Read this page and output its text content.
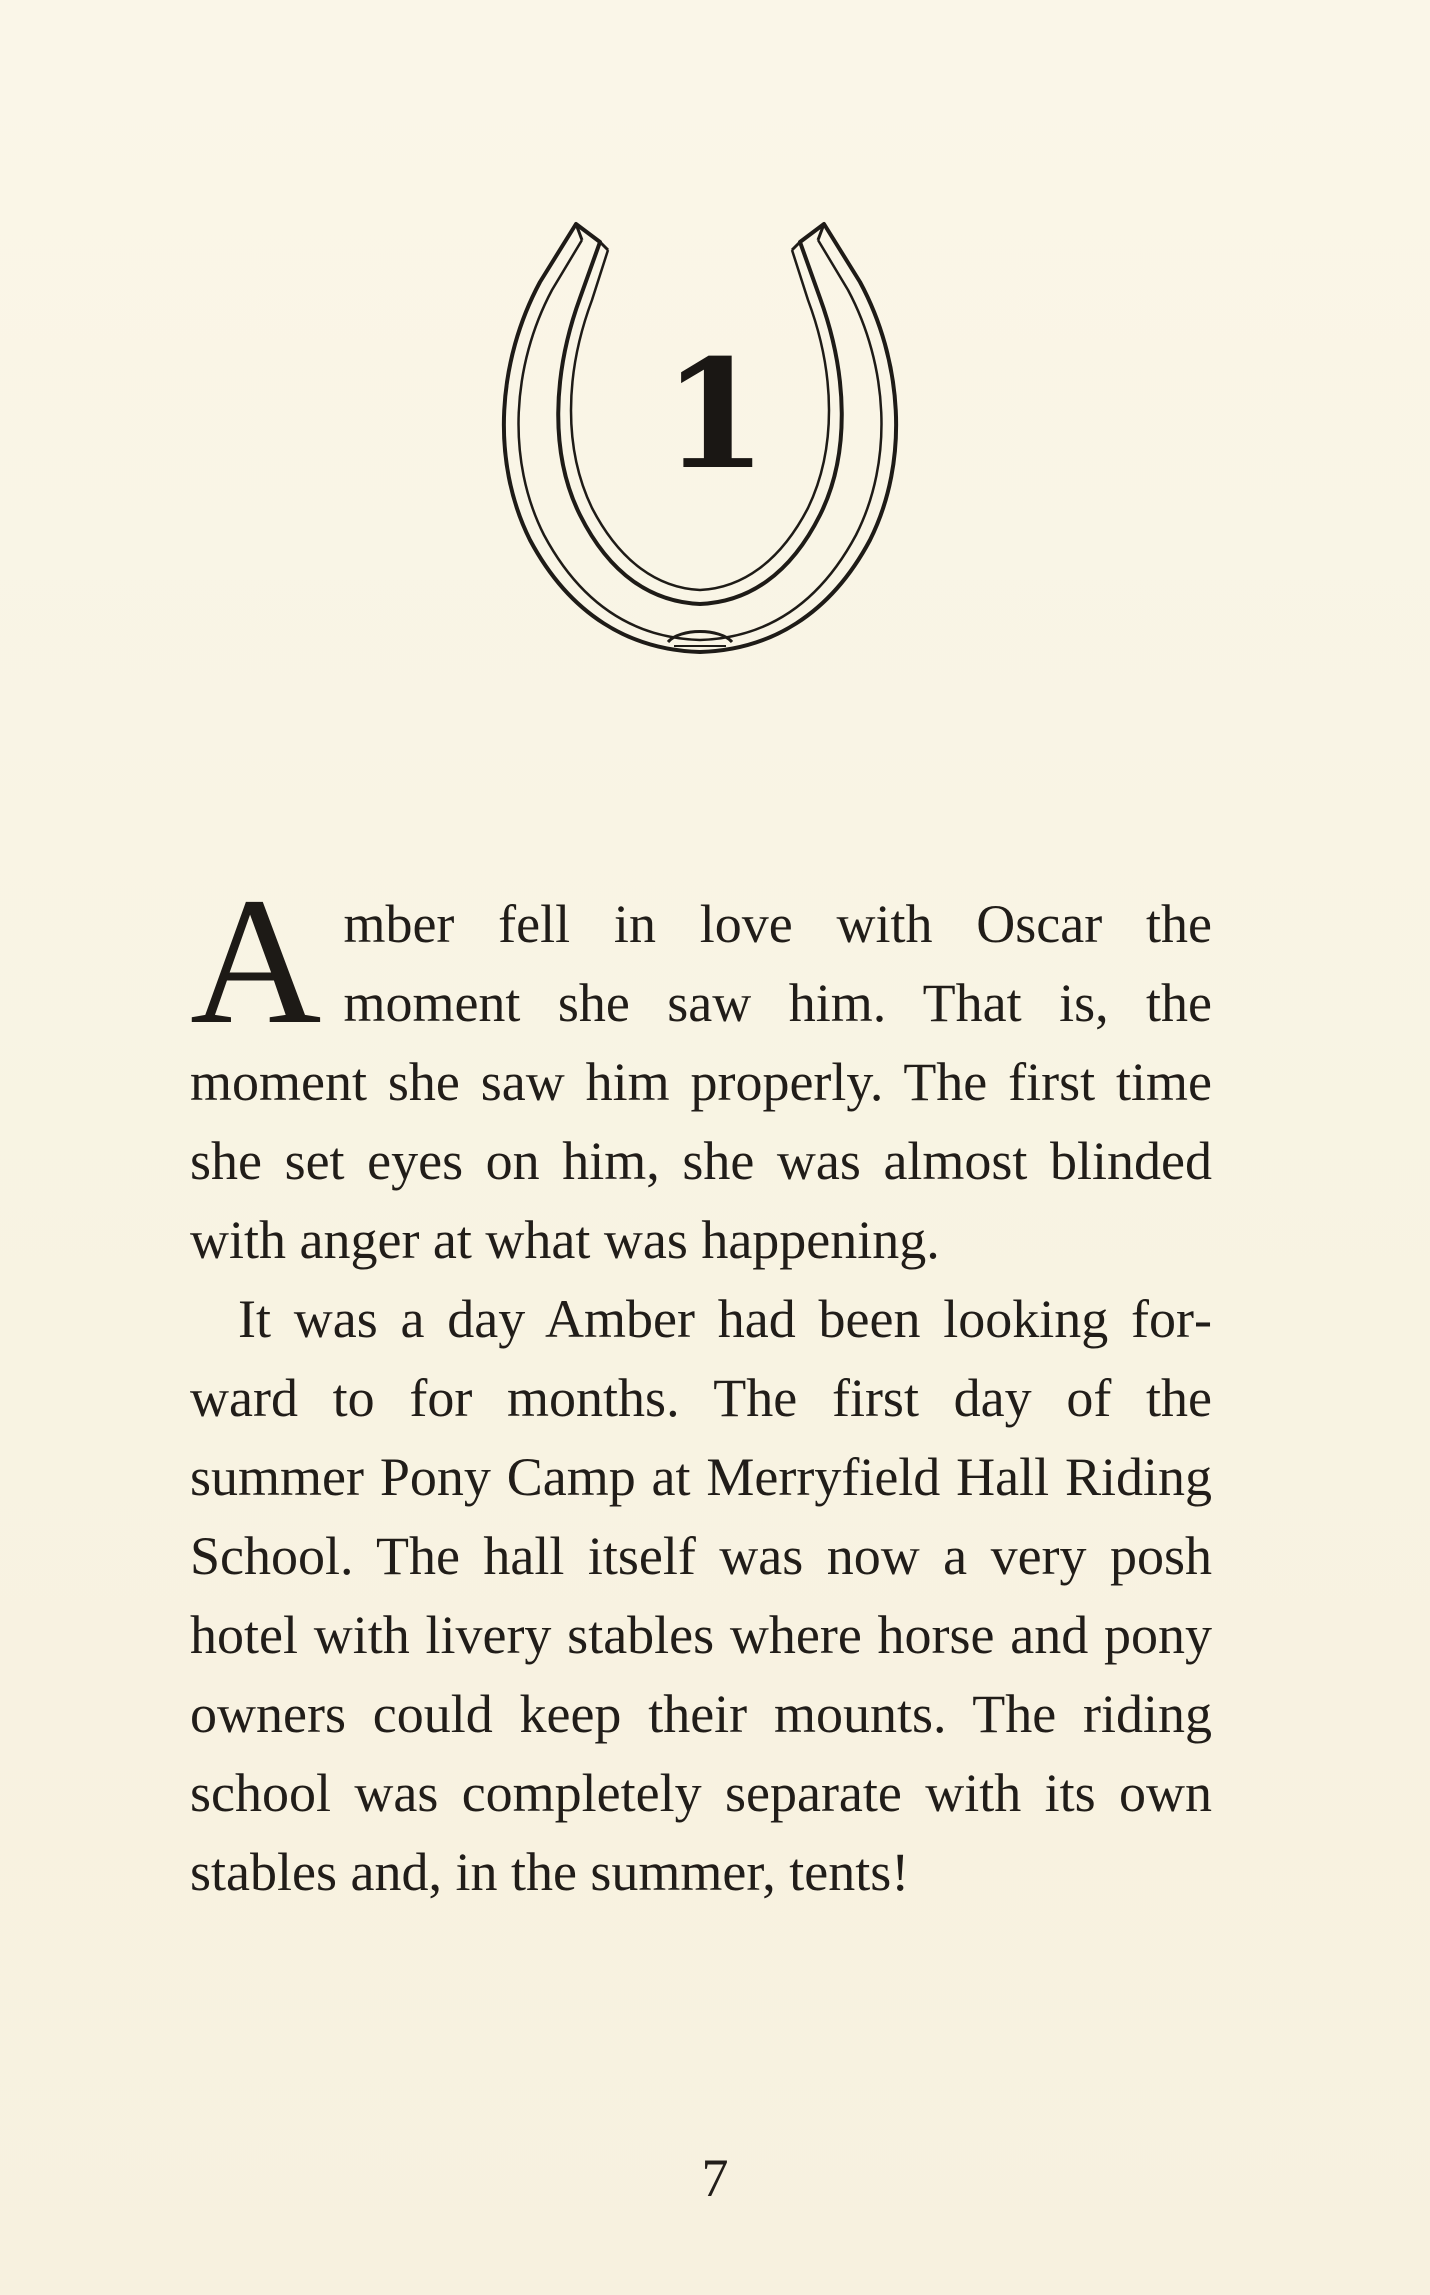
1

Amber fell in love with Oscar the moment she saw him. That is, the moment she saw him properly. The first time she set eyes on him, she was almost blinded with anger at what was happening.

It was a day Amber had been looking forward to for months. The first day of the summer Pony Camp at Merryfield Hall Riding School. The hall itself was now a very posh hotel with livery stables where horse and pony owners could keep their mounts. The riding school was completely separate with its own stables and, in the summer, tents!

7
